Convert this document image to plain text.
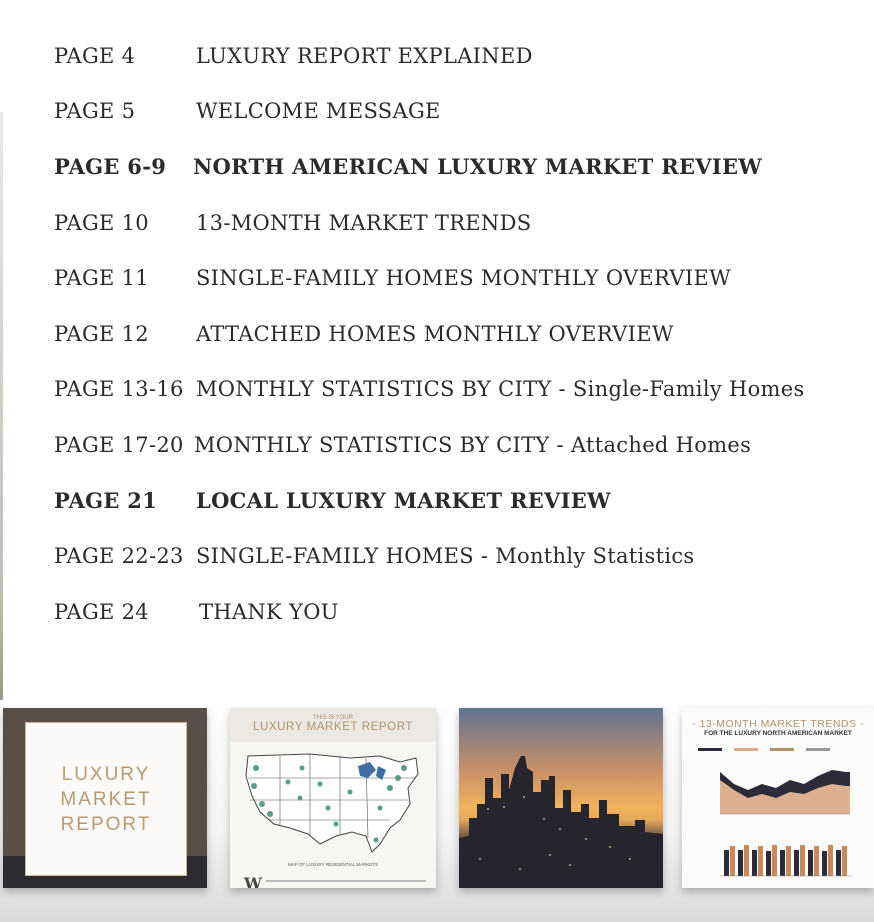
PAGE 4	LUXURY REPORT EXPLAINED
PAGE 5	WELCOME MESSAGE
PAGE 6-9	NORTH AMERICAN LUXURY MARKET REVIEW
PAGE 10	13-MONTH MARKET TRENDS
PAGE 11	SINGLE-FAMILY HOMES MONTHLY OVERVIEW
PAGE 12	ATTACHED HOMES MONTHLY OVERVIEW
PAGE 13-16 MONTHLY STATISTICS BY CITY - Single-Family Homes
PAGE 17-20 MONTHLY STATISTICS BY CITY - Attached Homes
PAGE 21	LOCAL LUXURY MARKET REVIEW
PAGE 22-23 SINGLE-FAMILY HOMES - Monthly Statistics
PAGE 24	THANK YOU
LUXURY
MARKET
REPORT
THIS IS YOUR
LUXURY MARKET REPORT
MAP OF LUXURY RESIDENTIAL MARKETS
W
- 13-MONTH MARKET TRENDS -
FOR THE LUXURY NORTH AMERICAN MARKET
